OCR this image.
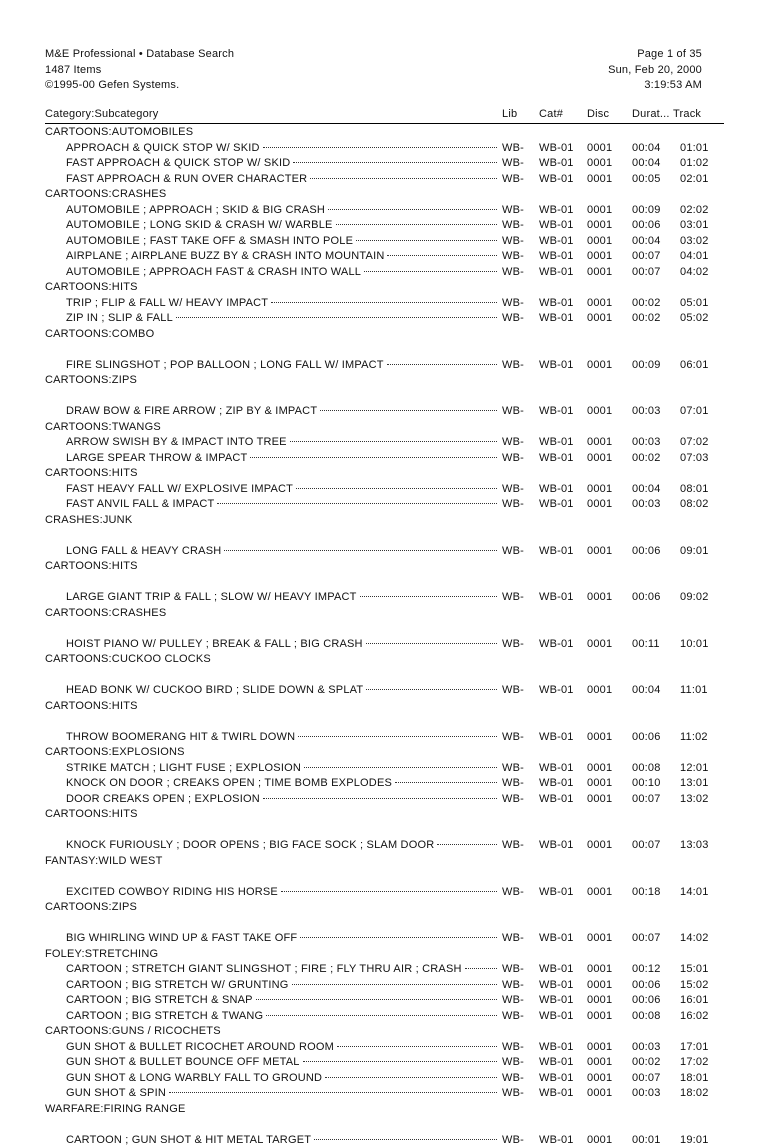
M&E Professional • Database Search
1487 Items
©1995-00 Gefen Systems.
Page 1 of 35
Sun, Feb 20, 2000
3:19:53 AM
Category:Subcategory	Lib Cat# Disc Durat... Track
CARTOONS:AUTOMOBILES
APPROACH & QUICK STOP W/ SKID	WB- WB-01 0001 00:04 01:01
FAST APPROACH & QUICK STOP W/ SKID	WB- WB-01 0001 00:04 01:02
FAST APPROACH & RUN OVER CHARACTER	WB- WB-01 0001 00:05 02:01
CARTOONS:CRASHES
AUTOMOBILE ; APPROACH ; SKID & BIG CRASH	WB- WB-01 0001 00:09 02:02
AUTOMOBILE ; LONG SKID & CRASH W/ WARBLE	WB- WB-01 0001 00:06 03:01
AUTOMOBILE ; FAST TAKE OFF & SMASH INTO POLE	WB- WB-01 0001 00:04 03:02
AIRPLANE ; AIRPLANE BUZZ BY & CRASH INTO MOUNTAIN	WB- WB-01 0001 00:07 04:01
AUTOMOBILE ; APPROACH FAST & CRASH INTO WALL	WB- WB-01 0001 00:07 04:02
CARTOONS:HITS
TRIP ; FLIP & FALL W/ HEAVY IMPACT	WB- WB-01 0001 00:02 05:01
ZIP IN ; SLIP & FALL	WB- WB-01 0001 00:02 05:02
CARTOONS:COMBO
FIRE SLINGSHOT ; POP BALLOON ; LONG FALL W/ IMPACT	WB- WB-01 0001 00:09 06:01
CARTOONS:ZIPS
DRAW BOW & FIRE ARROW ; ZIP BY & IMPACT	WB- WB-01 0001 00:03 07:01
CARTOONS:TWANGS
ARROW SWISH BY & IMPACT INTO TREE	WB- WB-01 0001 00:03 07:02
LARGE SPEAR THROW & IMPACT	WB- WB-01 0001 00:02 07:03
CARTOONS:HITS
FAST HEAVY FALL W/ EXPLOSIVE IMPACT	WB- WB-01 0001 00:04 08:01
FAST ANVIL FALL & IMPACT	WB- WB-01 0001 00:03 08:02
CRASHES:JUNK
LONG FALL & HEAVY CRASH	WB- WB-01 0001 00:06 09:01
CARTOONS:HITS
LARGE GIANT TRIP & FALL ; SLOW W/ HEAVY IMPACT	WB- WB-01 0001 00:06 09:02
CARTOONS:CRASHES
HOIST PIANO W/ PULLEY ; BREAK & FALL ; BIG CRASH	WB- WB-01 0001 00:11 10:01
CARTOONS:CUCKOO CLOCKS
HEAD BONK W/ CUCKOO BIRD ; SLIDE DOWN & SPLAT	WB- WB-01 0001 00:04 11:01
CARTOONS:HITS
THROW BOOMERANG HIT & TWIRL DOWN	WB- WB-01 0001 00:06 11:02
CARTOONS:EXPLOSIONS
STRIKE MATCH ; LIGHT FUSE ; EXPLOSION	WB- WB-01 0001 00:08 12:01
KNOCK ON DOOR ; CREAKS OPEN ; TIME BOMB EXPLODES	WB- WB-01 0001 00:10 13:01
DOOR CREAKS OPEN ; EXPLOSION	WB- WB-01 0001 00:07 13:02
CARTOONS:HITS
KNOCK FURIOUSLY ; DOOR OPENS ; BIG FACE SOCK ; SLAM DOOR	WB- WB-01 0001 00:07 13:03
FANTASY:WILD WEST
EXCITED COWBOY RIDING HIS HORSE	WB- WB-01 0001 00:18 14:01
CARTOONS:ZIPS
BIG WHIRLING WIND UP & FAST TAKE OFF	WB- WB-01 0001 00:07 14:02
FOLEY:STRETCHING
CARTOON ; STRETCH GIANT SLINGSHOT ; FIRE ; FLY THRU AIR ; CRASH	WB- WB-01 0001 00:12 15:01
CARTOON ; BIG STRETCH W/ GRUNTING	WB- WB-01 0001 00:06 15:02
CARTOON ; BIG STRETCH & SNAP	WB- WB-01 0001 00:06 16:01
CARTOON ; BIG STRETCH & TWANG	WB- WB-01 0001 00:08 16:02
CARTOONS:GUNS / RICOCHETS
GUN SHOT & BULLET RICOCHET AROUND ROOM	WB- WB-01 0001 00:03 17:01
GUN SHOT & BULLET BOUNCE OFF METAL	WB- WB-01 0001 00:02 17:02
GUN SHOT & LONG WARBLY FALL TO GROUND	WB- WB-01 0001 00:07 18:01
GUN SHOT & SPIN	WB- WB-01 0001 00:03 18:02
WARFARE:FIRING RANGE
CARTOON ; GUN SHOT & HIT METAL TARGET	WB- WB-01 0001 00:01 19:01
